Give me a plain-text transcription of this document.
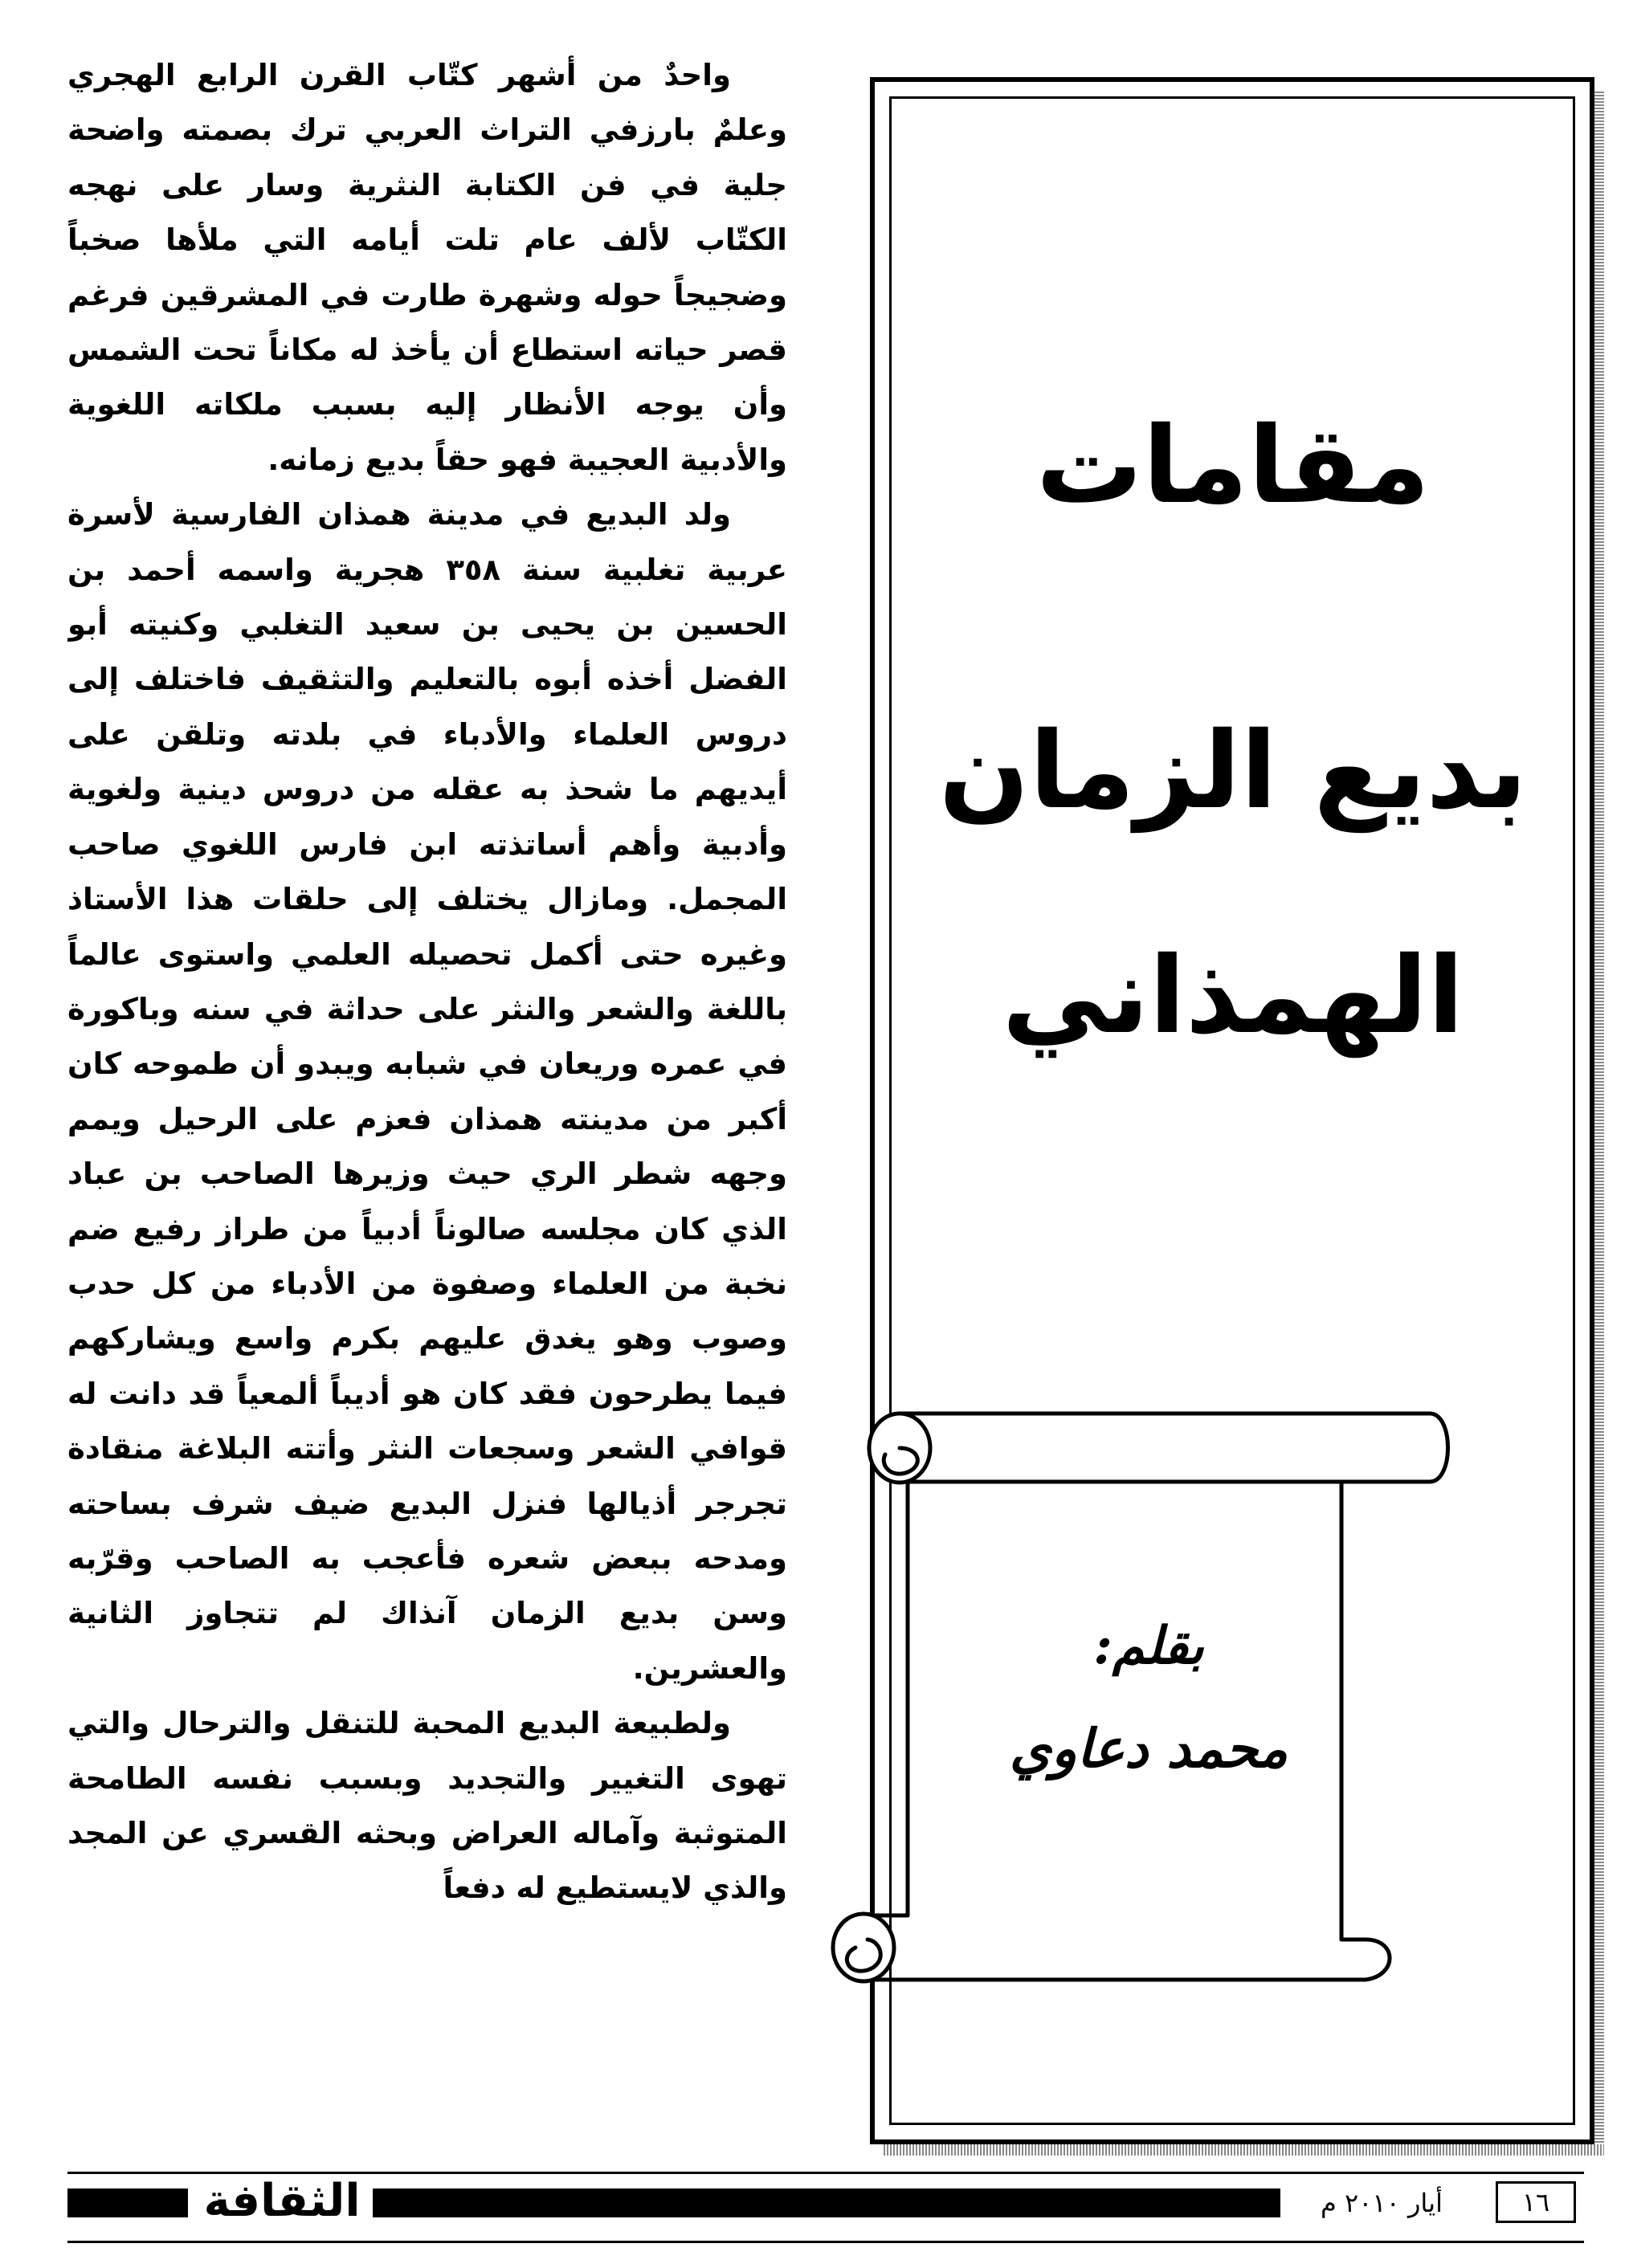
واحدٌ من أشهر كتّاب القرن الرابع الهجري وعلمٌ بارزفي التراث العربي ترك بصمته واضحة جلية في فن الكتابة النثرية وسار على نهجه الكتّاب لألف عام تلت أيامه التي ملأها صخباً وضجيجاً حوله وشهرة طارت في المشرقين فرغم قصر حياته استطاع أن يأخذ له مكاناً تحت الشمس وأن يوجه الأنظار إليه بسبب ملكاته اللغوية والأدبية العجيبة فهو حقاً بديع زمانه.

ولد البديع في مدينة همذان الفارسية لأسرة عربية تغلبية سنة ٣٥٨ هجرية واسمه أحمد بن الحسين بن يحيى بن سعيد التغلبي وكنيته أبو الفضل أخذه أبوه بالتعليم والتثقيف فاختلف إلى دروس العلماء والأدباء في بلدته وتلقن على أيديهم ما شحذ به عقله من دروس دينية ولغوية وأدبية وأهم أساتذته ابن فارس اللغوي صاحب المجمل. ومازال يختلف إلى حلقات هذا الأستاذ وغيره حتى أكمل تحصيله العلمي واستوى عالماً باللغة والشعر والنثر على حداثة في سنه وباكورة في عمره وريعان في شبابه ويبدو أن طموحه كان أكبر من مدينته همذان فعزم على الرحيل ويمم وجهه شطر الري حيث وزيرها الصاحب بن عباد الذي كان مجلسه صالوناً أدبياً من طراز رفيع ضم نخبة من العلماء وصفوة من الأدباء من كل حدب وصوب وهو يغدق عليهم بكرم واسع ويشاركهم فيما يطرحون فقد كان هو أديباً ألمعياً قد دانت له قوافي الشعر وسجعات النثر وأتته البلاغة منقادة تجرجر أذيالها فنزل البديع ضيف شرف بساحته ومدحه ببعض شعره فأعجب به الصاحب وقرّبه وسن بديع الزمان آنذاك لم تتجاوز الثانية والعشرين.

ولطبيعة البديع المحبة للتنقل والترحال والتي تهوى التغيير والتجديد وبسبب نفسه الطامحة المتوثبة وآماله العراض وبحثه القسري عن المجد والذي لايستطيع له دفعاً

مقامات
بديع الزمان
الهمذاني
بقلم:
محمد دعاوي
الثقافة	أيار ٢٠١٠ م	١٦
